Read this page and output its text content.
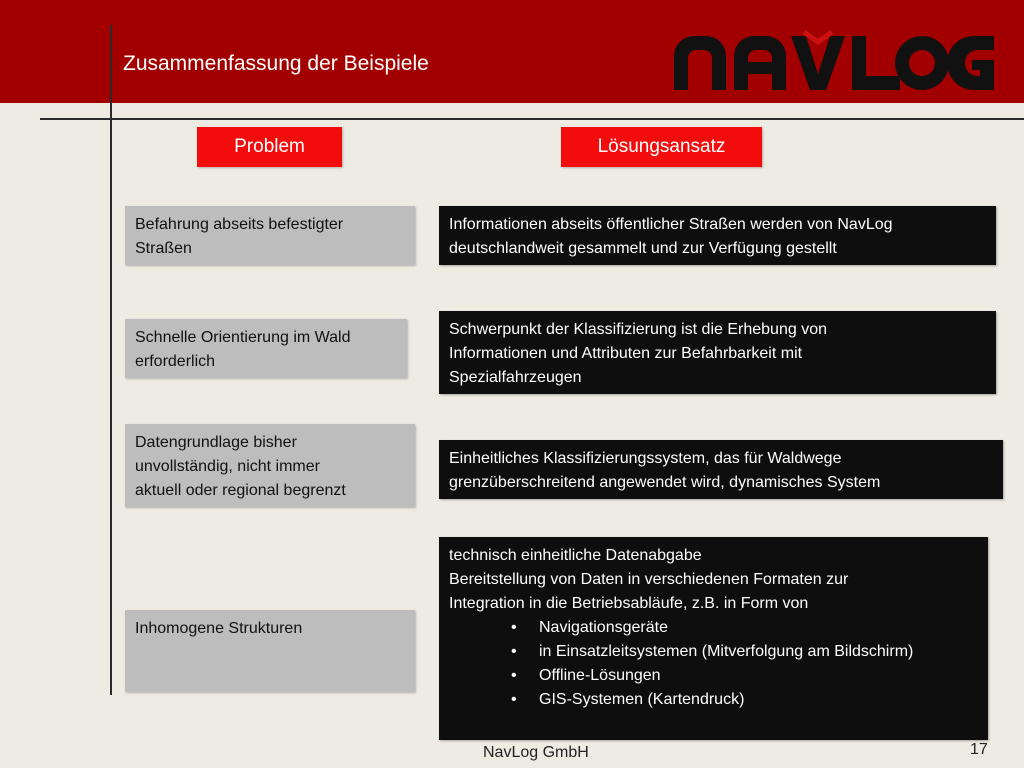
Zusammenfassung der Beispiele
Problem	Lösungsansatz
Befahrung abseits befestigter
Straßen
Schnelle Orientierung im Wald
erforderlich
Datengrundlage bisher
unvollständig, nicht immer
aktuell oder regional begrenzt
Inhomogene Strukturen
Informationen abseits öffentlicher Straßen werden von NavLog
deutschlandweit gesammelt und zur Verfügung gestellt
Schwerpunkt der Klassifizierung ist die Erhebung von
Informationen und Attributen zur Befahrbarkeit mit
Spezialfahrzeugen
Einheitliches Klassifizierungssystem, das für Waldwege
grenzüberschreitend angewendet wird, dynamisches System
technisch einheitliche Datenabgabe
Bereitstellung von Daten in verschiedenen Formaten zur
Integration in die Betriebsabläufe, z.B. in Form von
• Navigationsgeräte
• in Einsatzleitsystemen (Mitverfolgung am Bildschirm)
• Offline-Lösungen
• GIS-Systemen (Kartendruck)
NavLog GmbH	17
